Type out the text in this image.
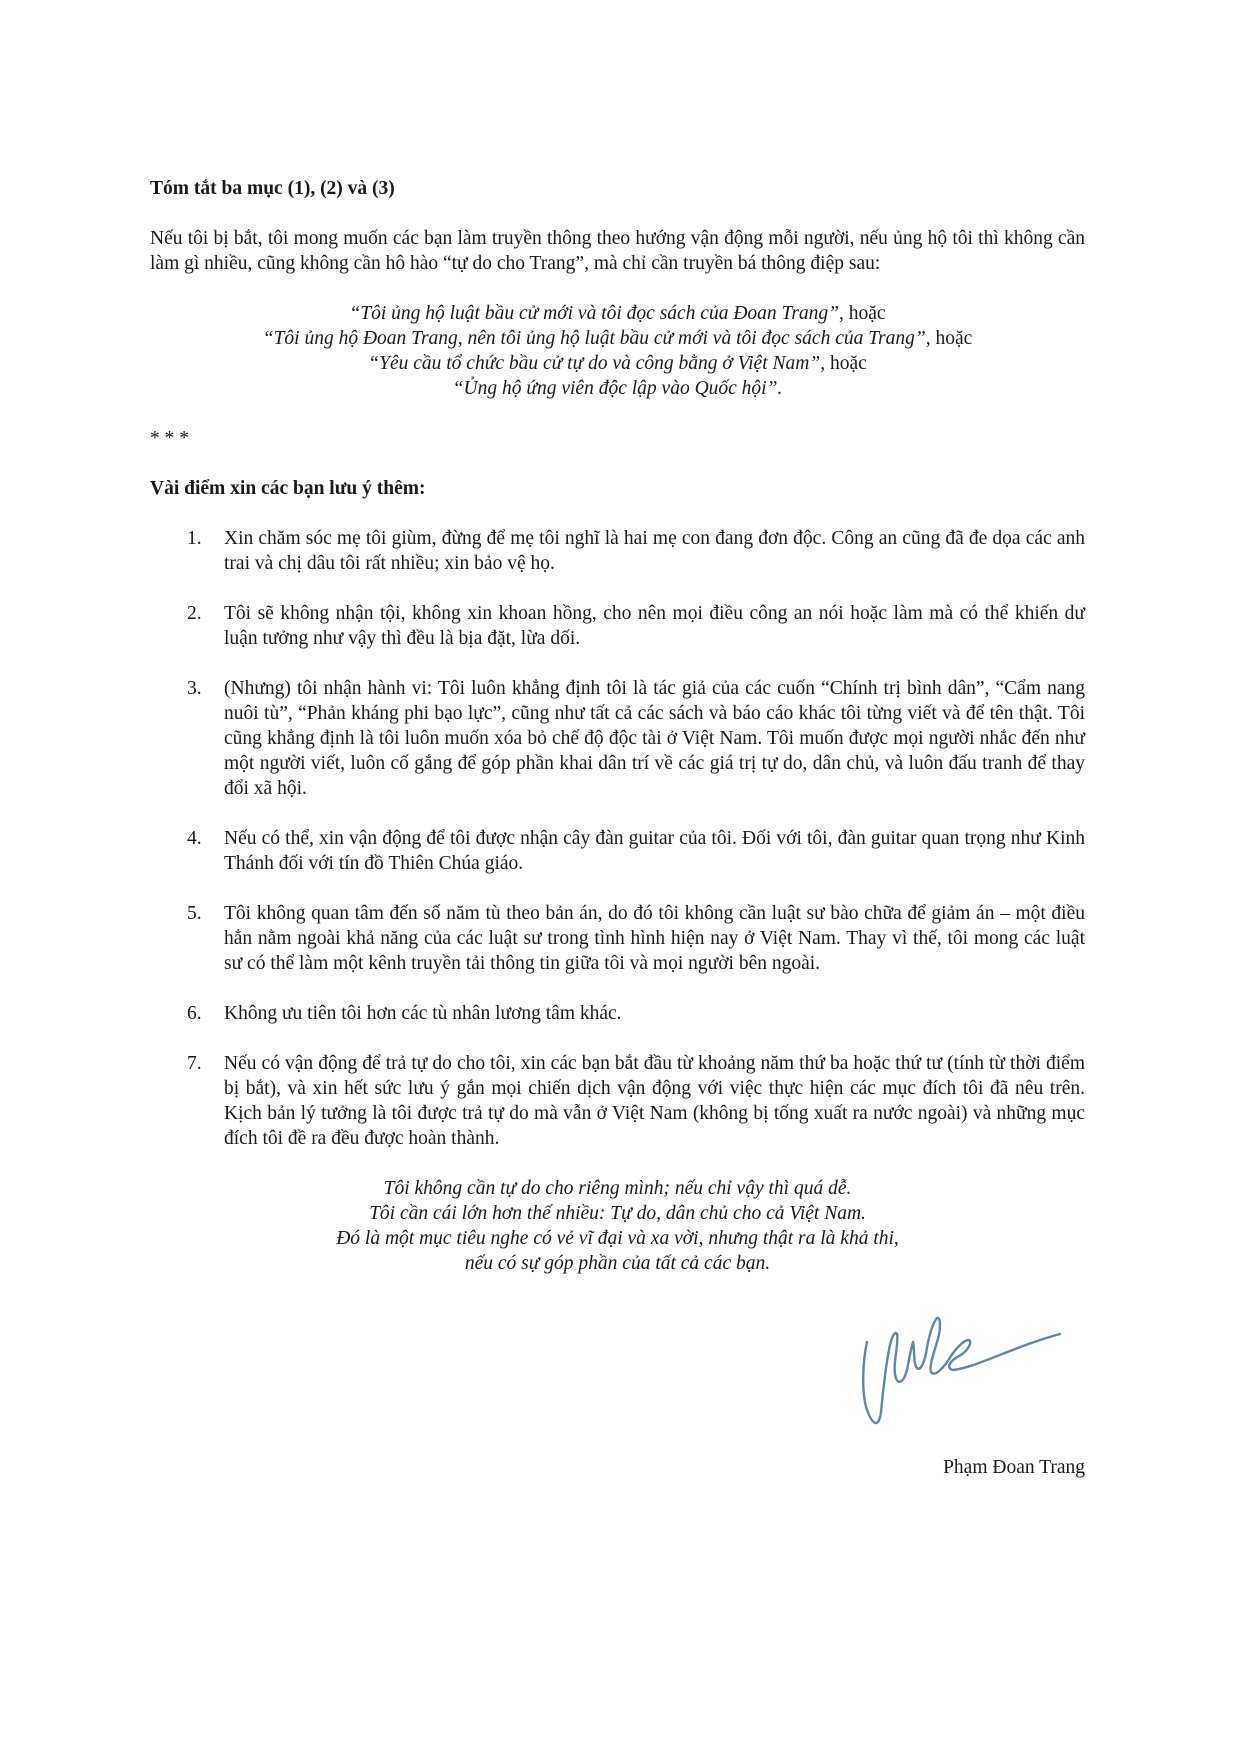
Tóm tắt ba mục (1), (2) và (3)

Nếu tôi bị bắt, tôi mong muốn các bạn làm truyền thông theo hướng vận động mỗi người, nếu ủng hộ tôi thì không cần làm gì nhiều, cũng không cần hô hào “tự do cho Trang”, mà chỉ cần truyền bá thông điệp sau:

“Tôi ủng hộ luật bầu cử mới và tôi đọc sách của Đoan Trang”, hoặc
“Tôi ủng hộ Đoan Trang, nên tôi ủng hộ luật bầu cử mới và tôi đọc sách của Trang”, hoặc
“Yêu cầu tổ chức bầu cử tự do và công bằng ở Việt Nam”, hoặc
“Ủng hộ ứng viên độc lập vào Quốc hội”.

* * *

Vài điểm xin các bạn lưu ý thêm:

1. Xin chăm sóc mẹ tôi giùm, đừng để mẹ tôi nghĩ là hai mẹ con đang đơn độc. Công an cũng đã đe dọa các anh trai và chị dâu tôi rất nhiều; xin bảo vệ họ.
2. Tôi sẽ không nhận tội, không xin khoan hồng, cho nên mọi điều công an nói hoặc làm mà có thể khiến dư luận tưởng như vậy thì đều là bịa đặt, lừa dối.
3. (Nhưng) tôi nhận hành vi: Tôi luôn khẳng định tôi là tác giả của các cuốn “Chính trị bình dân”, “Cẩm nang nuôi tù”, “Phản kháng phi bạo lực”, cũng như tất cả các sách và báo cáo khác tôi từng viết và để tên thật. Tôi cũng khẳng định là tôi luôn muốn xóa bỏ chế độ độc tài ở Việt Nam. Tôi muốn được mọi người nhắc đến như một người viết, luôn cố gắng để góp phần khai dân trí về các giá trị tự do, dân chủ, và luôn đấu tranh để thay đổi xã hội.
4. Nếu có thể, xin vận động để tôi được nhận cây đàn guitar của tôi. Đối với tôi, đàn guitar quan trọng như Kinh Thánh đối với tín đồ Thiên Chúa giáo.
5. Tôi không quan tâm đến số năm tù theo bản án, do đó tôi không cần luật sư bào chữa để giảm án – một điều hẳn nằm ngoài khả năng của các luật sư trong tình hình hiện nay ở Việt Nam. Thay vì thế, tôi mong các luật sư có thể làm một kênh truyền tải thông tin giữa tôi và mọi người bên ngoài.
6. Không ưu tiên tôi hơn các tù nhân lương tâm khác.
7. Nếu có vận động để trả tự do cho tôi, xin các bạn bắt đầu từ khoảng năm thứ ba hoặc thứ tư (tính từ thời điểm bị bắt), và xin hết sức lưu ý gắn mọi chiến dịch vận động với việc thực hiện các mục đích tôi đã nêu trên. Kịch bản lý tưởng là tôi được trả tự do mà vẫn ở Việt Nam (không bị tống xuất ra nước ngoài) và những mục đích tôi đề ra đều được hoàn thành.
Tôi không cần tự do cho riêng mình; nếu chỉ vậy thì quá dễ.
Tôi cần cái lớn hơn thế nhiều: Tự do, dân chủ cho cả Việt Nam.
Đó là một mục tiêu nghe có vẻ vĩ đại và xa vời, nhưng thật ra là khả thi,
nếu có sự góp phần của tất cả các bạn.
Phạm Đoan Trang
